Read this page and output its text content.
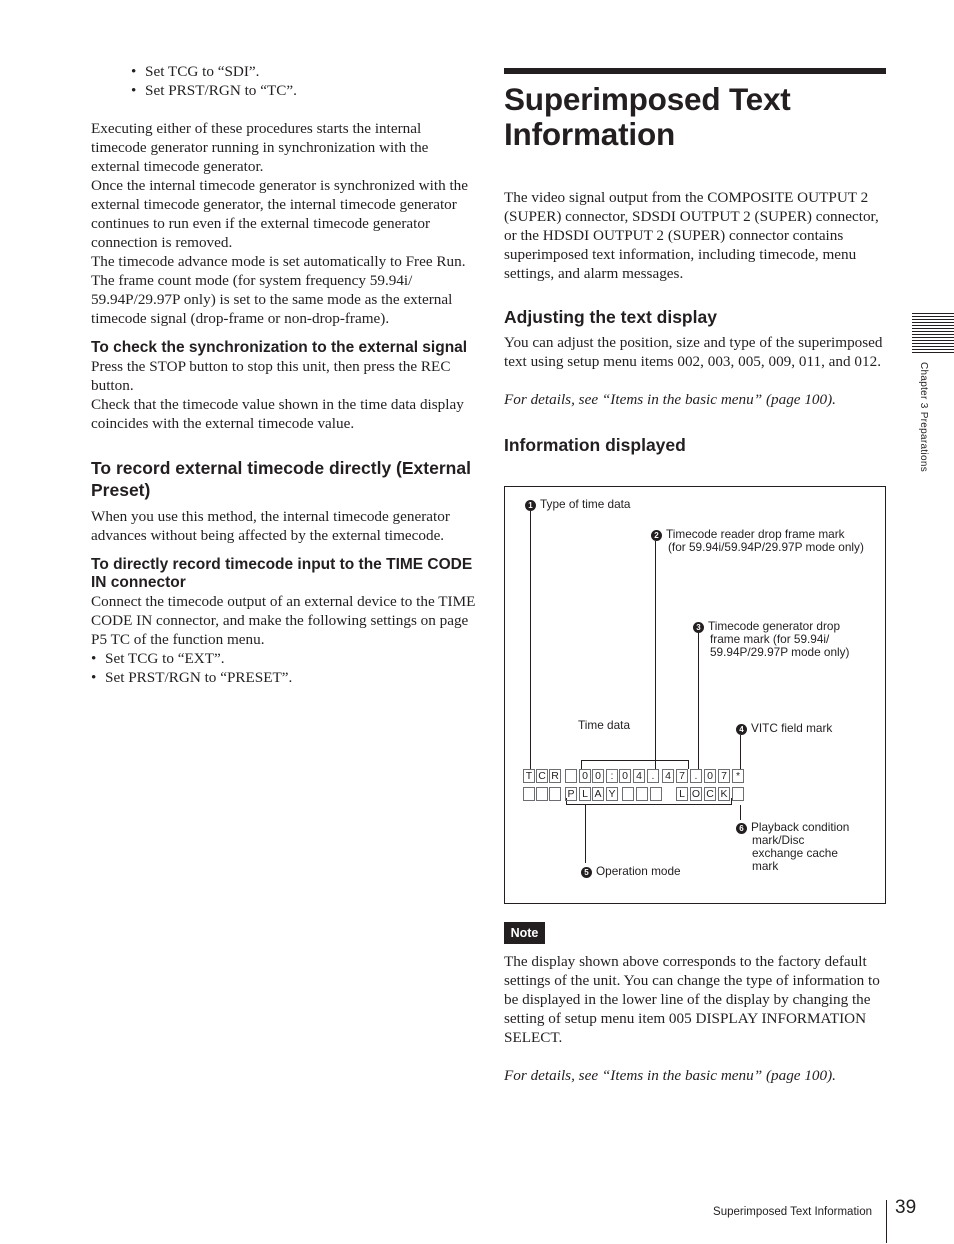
• Set TCG to “SDI”.
• Set PRST/RGN to “TC”.

Executing either of these procedures starts the internal timecode generator running in synchronization with the external timecode generator.

Once the internal timecode generator is synchronized with the external timecode generator, the internal timecode generator continues to run even if the external timecode generator connection is removed.

The timecode advance mode is set automatically to Free Run. The frame count mode (for system frequency 59.94i/ 59.94P/29.97P only) is set to the same mode as the external timecode signal (drop-frame or non-drop-frame).

To check the synchronization to the external signal

Press the STOP button to stop this unit, then press the REC button.

Check that the timecode value shown in the time data display coincides with the external timecode value.

To record external timecode directly (External Preset)

When you use this method, the internal timecode generator advances without being affected by the external timecode.

To directly record timecode input to the TIME CODE IN connector

Connect the timecode output of an external device to the TIME CODE IN connector, and make the following settings on page P5 TC of the function menu.

• Set TCG to “EXT”.
• Set PRST/RGN to “PRESET”.
Superimposed Text Information

The video signal output from the COMPOSITE OUTPUT 2 (SUPER) connector, SDSDI OUTPUT 2 (SUPER) connector, or the HDSDI OUTPUT 2 (SUPER) connector contains superimposed text information, including timecode, menu settings, and alarm messages.

Adjusting the text display

You can adjust the position, size and type of the superimposed text using setup menu items 002, 003, 005, 009, 011, and 012.

For details, see “Items in the basic menu” (page 100).

Information displayed
1 Type of time data
2 Timecode reader drop frame mark
(for 59.94i/59.94P/29.97P mode only)
3 Timecode generator drop
frame mark (for 59.94i/
59.94P/29.97P mode only)
Time data	4 VITC field mark
6 Playback condition
mark/Disc
exchange cache
mark
5 Operation mode
T C R 0 0 : 0 4 .	4 7 . 0 7 *
P L A Y	L O C K
Note

The display shown above corresponds to the factory default settings of the unit. You can change the type of information to be displayed in the lower line of the display by changing the setting of setup menu item 005 DISPLAY INFORMATION SELECT.

For details, see “Items in the basic menu” (page 100).

Chapter 3 Preparations
Superimposed Text Information 39
